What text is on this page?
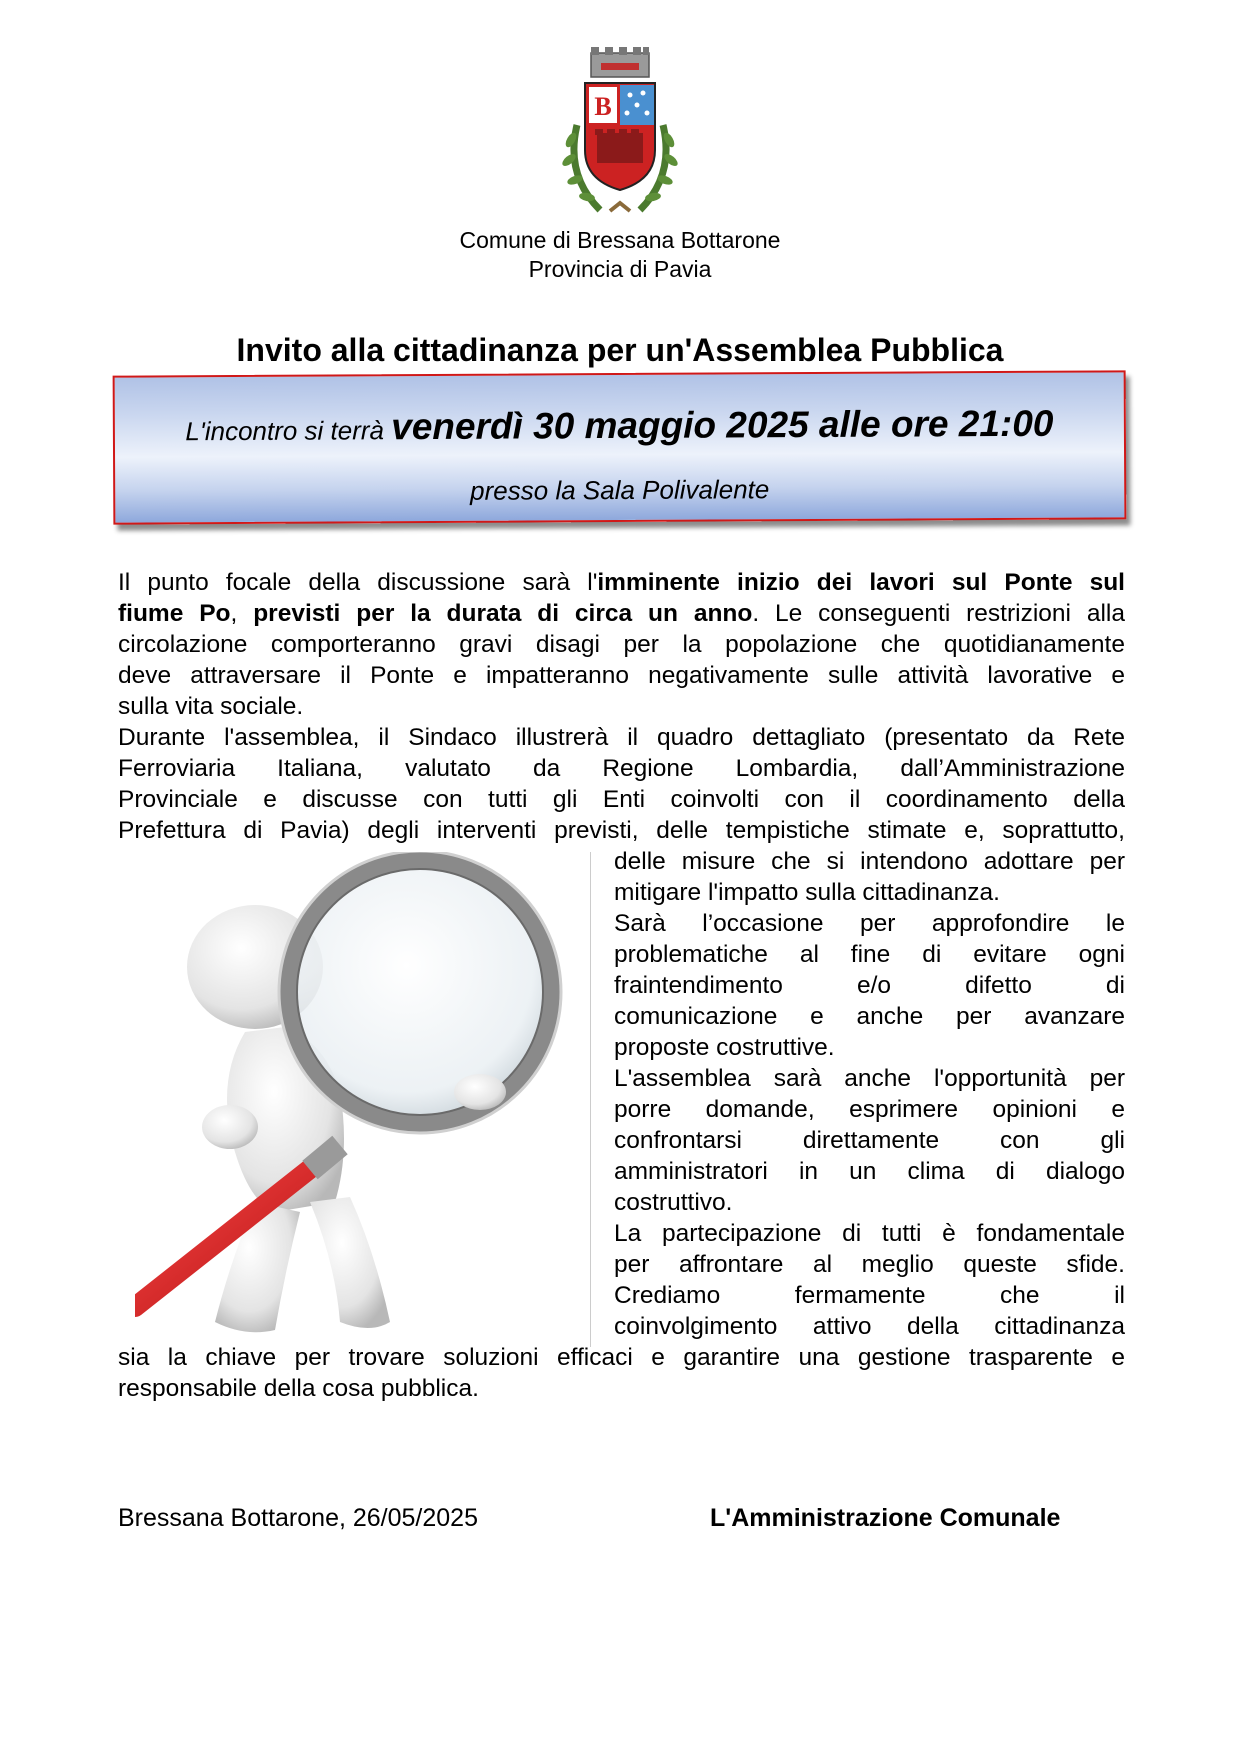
B
Comune di Bressana Bottarone
Provincia di Pavia
Invito alla cittadinanza per un'Assemblea Pubblica
L'incontro si terrà venerdì 30 maggio 2025 alle ore 21:00
presso la Sala Polivalente
Il punto focale della discussione sarà l'imminente inizio dei lavori sul Ponte sul
fiume Po, previsti per la durata di circa un anno. Le conseguenti restrizioni alla
circolazione comporteranno gravi disagi per la popolazione che quotidianamente
deve attraversare il Ponte e impatteranno negativamente sulle attività lavorative e
sulla vita sociale.
Durante l'assemblea, il Sindaco illustrerà il quadro dettagliato (presentato da Rete
Ferroviaria Italiana, valutato da Regione Lombardia, dall’Amministrazione
Provinciale e discusse con tutti gli Enti coinvolti con il coordinamento della
Prefettura di Pavia) degli interventi previsti, delle tempistiche stimate e, soprattutto,
delle misure che si intendono adottare per
mitigare l'impatto sulla cittadinanza.
Sarà l’occasione per approfondire le
problematiche al fine di evitare ogni
fraintendimento e/o difetto di
comunicazione e anche per avanzare
proposte costruttive.
L'assemblea sarà anche l'opportunità per
porre domande, esprimere opinioni e
confrontarsi direttamente con gli
amministratori in un clima di dialogo
costruttivo.
La partecipazione di tutti è fondamentale
per affrontare al meglio queste sfide.
Crediamo fermamente che il
coinvolgimento attivo della cittadinanza
sia la chiave per trovare soluzioni efficaci e garantire una gestione trasparente e
responsabile della cosa pubblica.
Bressana Bottarone, 26/05/2025	L'Amministrazione Comunale
